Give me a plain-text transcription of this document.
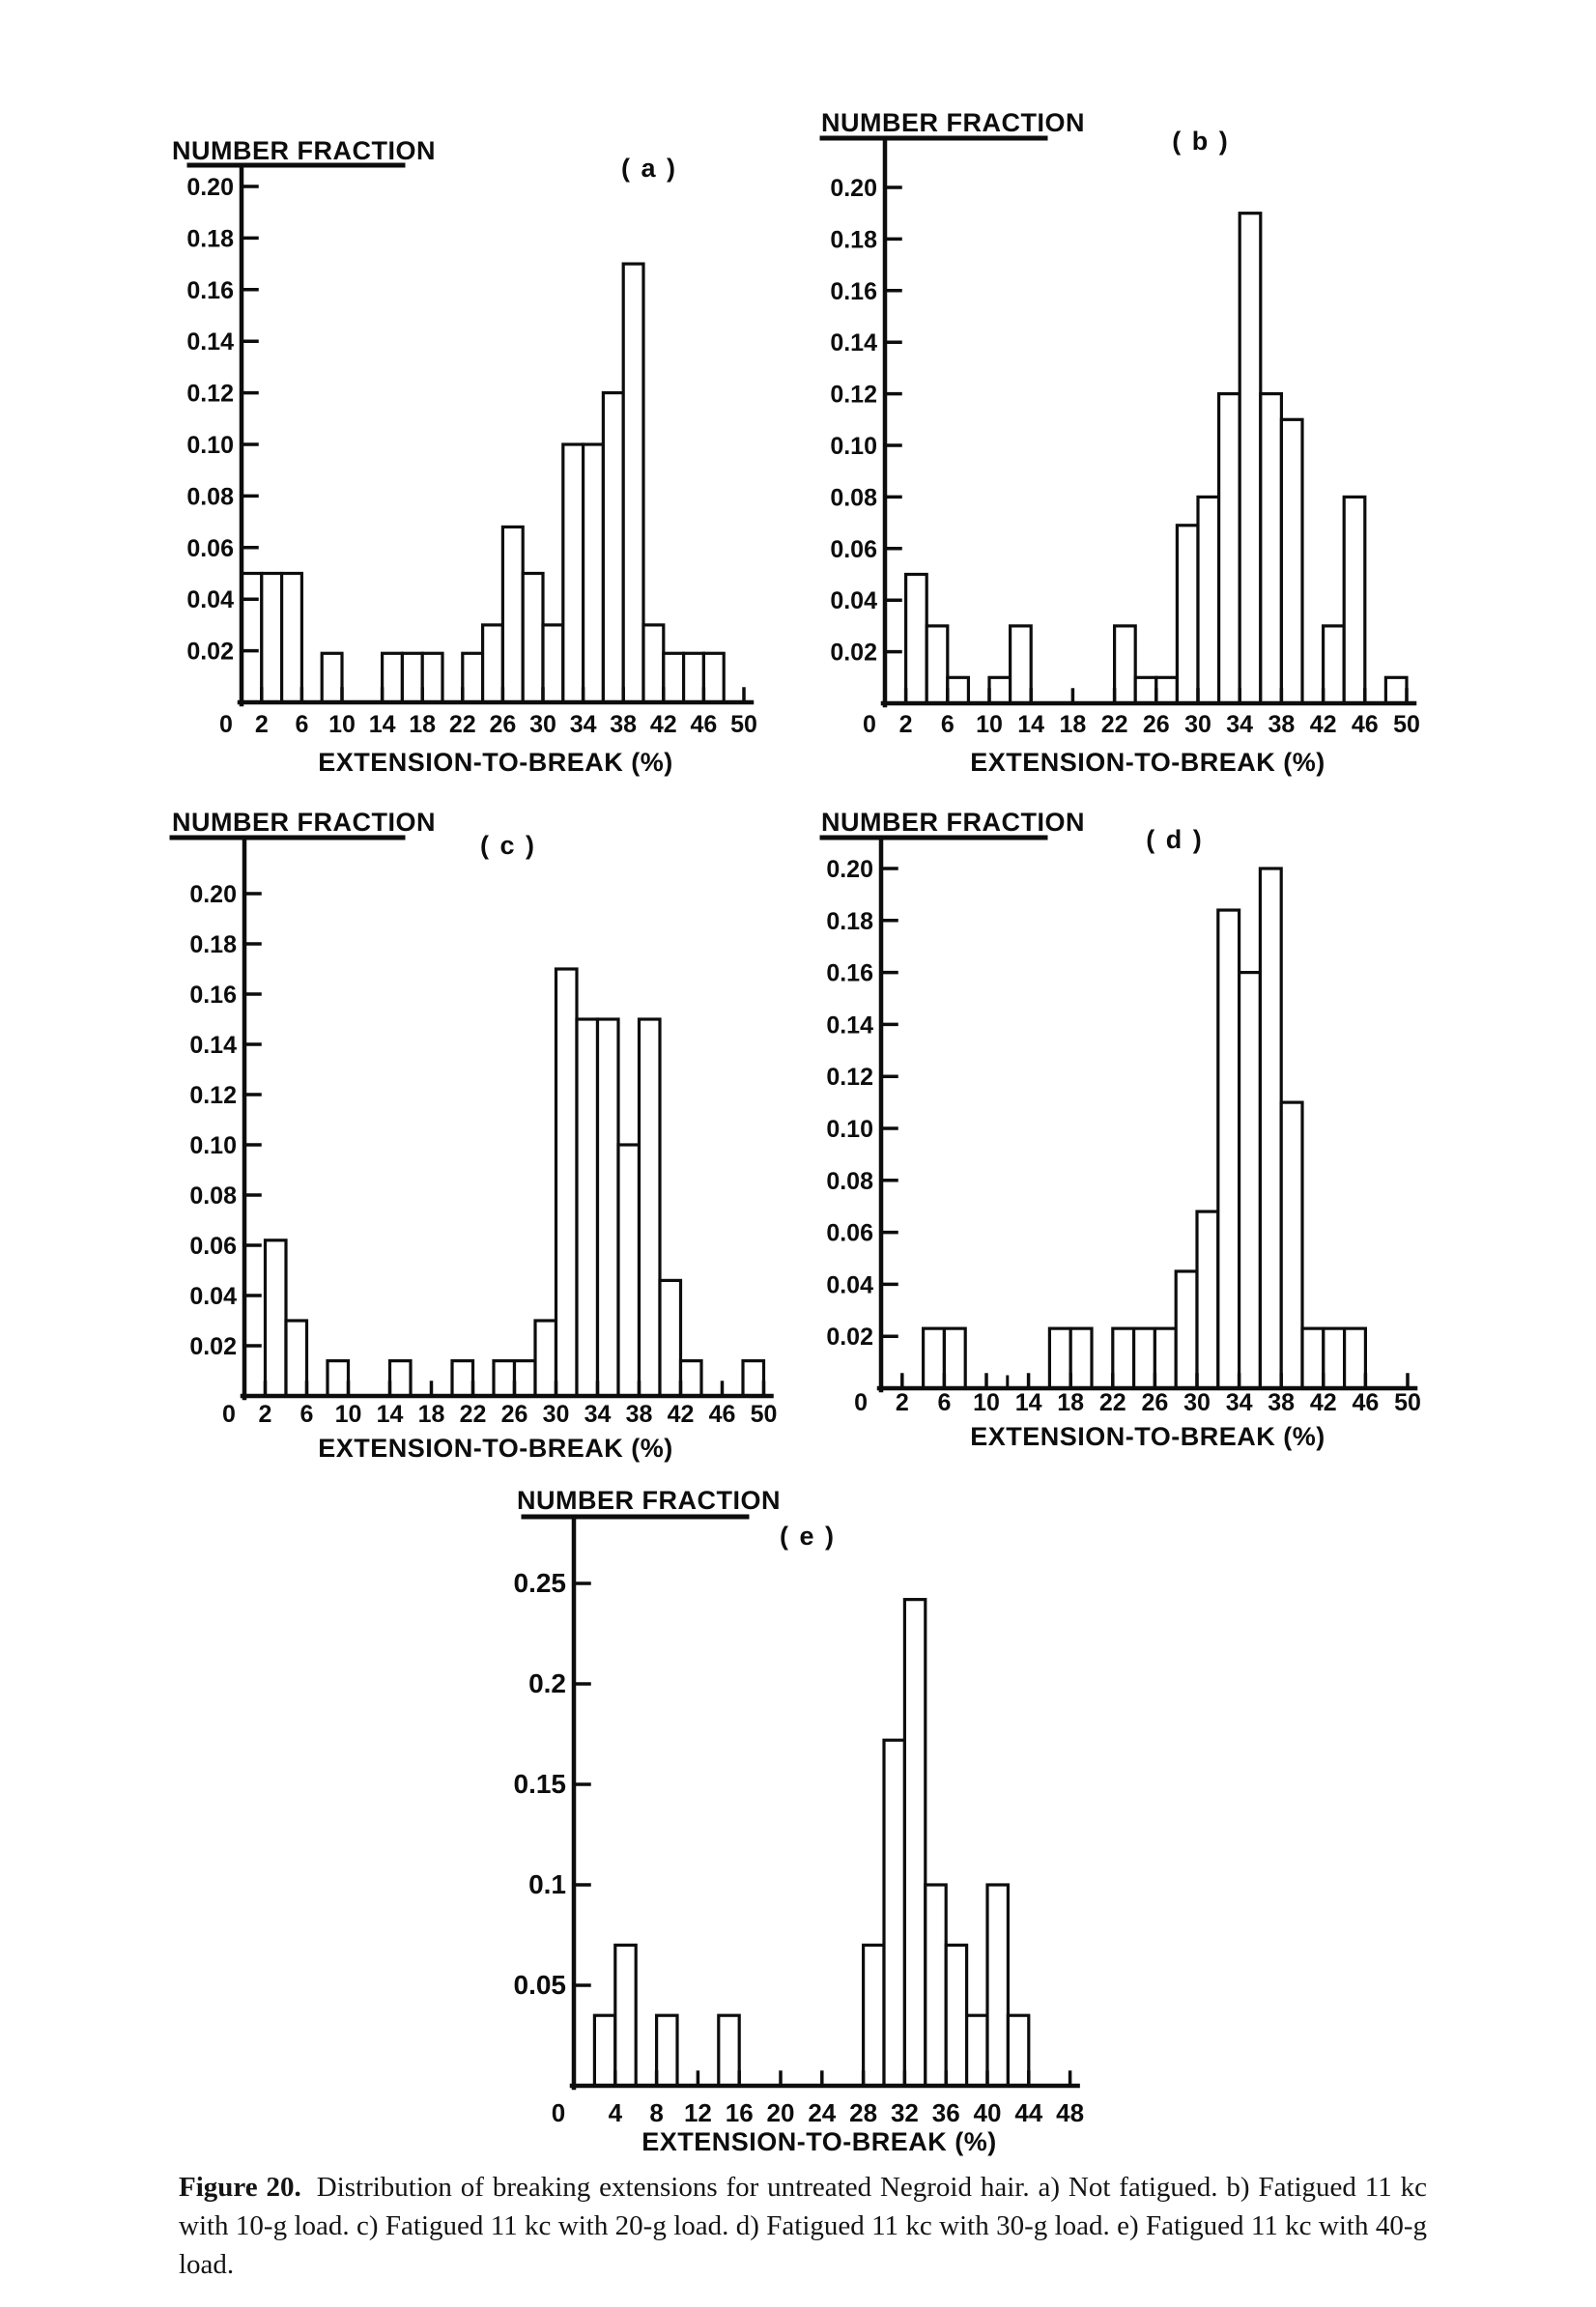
0.20
0.18
0.16
0.14
0.12
0.10
0.08
0.06
0.04
0.02
0 2 6 10 14 18 22 26 30 34 38 42 46 50
NUMBER FRACTION
( a )
EXTENSION-TO-BREAK (%)
0.20
0.18
0.16
0.14
0.12
0.10
0.08
0.06
0.04
0.02
0 2 6 10 14 18 22 26 30 34 38 42 46 50
NUMBER FRACTION
( b )
EXTENSION-TO-BREAK (%)
0.20
0.18
0.16
0.14
0.12
0.10
0.08
0.06
0.04
0.02
0 2 6 10 14 18 22 26 30 34 38 42 46 50
NUMBER FRACTION
( c )
EXTENSION-TO-BREAK (%)
0.20
0.18
0.16
0.14
0.12
0.10
0.08
0.06
0.04
0.02
0 2 6 10 14 18 22 26 30 34 38 42 46 50
NUMBER FRACTION
( d )
EXTENSION-TO-BREAK (%)
0.25
0.2
0.15
0.1
0.05
0 4 8 12 16 20 24 28 32 36 40 44 48
NUMBER FRACTION
( e )
EXTENSION-TO-BREAK (%)
Figure 20. Distribution of breaking extensions for untreated Negroid hair. a) Not fatigued. b) Fatigued 11 kc with 10-g load. c) Fatigued 11 kc with 20-g load. d) Fatigued 11 kc with 30-g load. e) Fatigued 11 kc with 40-g load.
